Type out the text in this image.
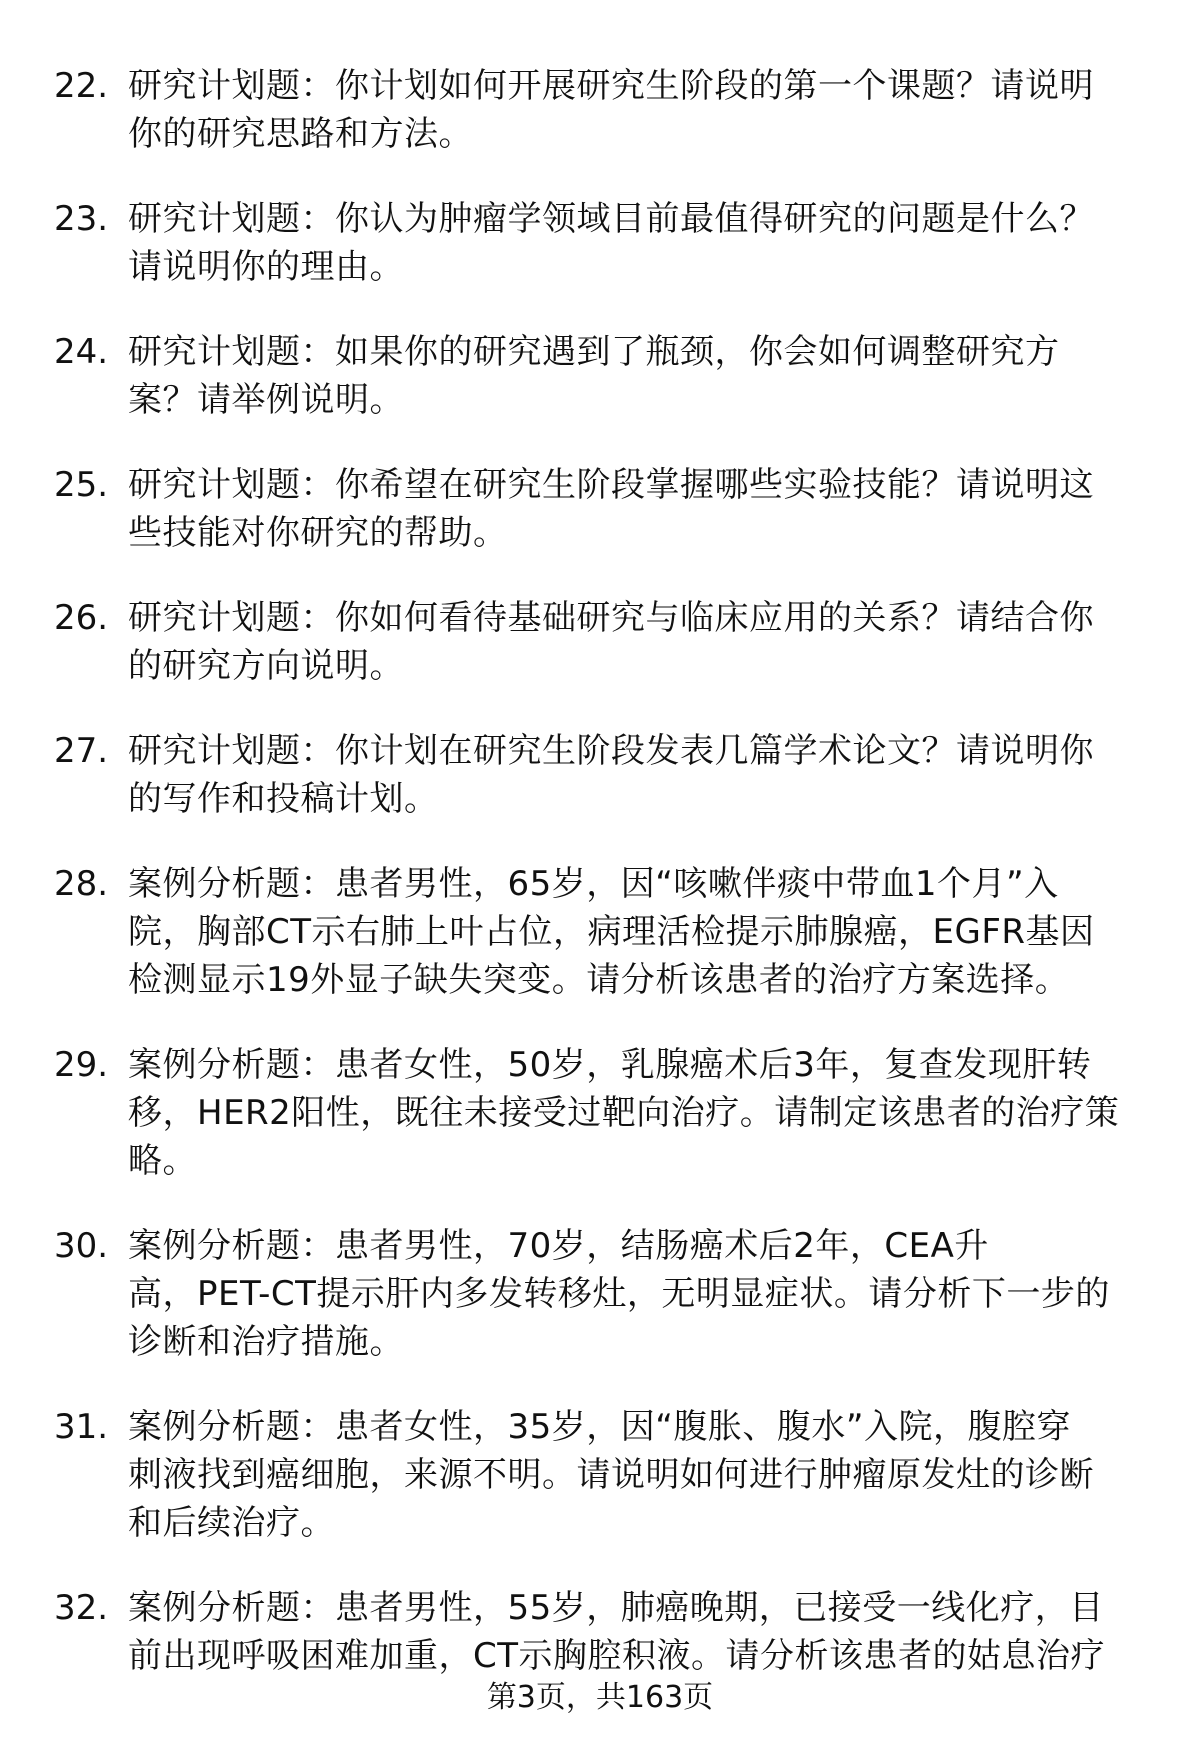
22. 研究计划题：你计划如何开展研究生阶段的第一个课题？请说明
你的研究思路和方法。
23. 研究计划题：你认为肿瘤学领域目前最值得研究的问题是什么？
请说明你的理由。
24. 研究计划题：如果你的研究遇到了瓶颈，你会如何调整研究方
案？请举例说明。
25. 研究计划题：你希望在研究生阶段掌握哪些实验技能？请说明这
些技能对你研究的帮助。
26. 研究计划题：你如何看待基础研究与临床应用的关系？请结合你
的研究方向说明。
27. 研究计划题：你计划在研究生阶段发表几篇学术论文？请说明你
的写作和投稿计划。
28. 案例分析题：患者男性，65岁，因“咳嗽伴痰中带血1个月”入
院，胸部CT示右肺上叶占位，病理活检提示肺腺癌，EGFR基因
检测显示19外显子缺失突变。请分析该患者的治疗方案选择。
29. 案例分析题：患者女性，50岁，乳腺癌术后3年，复查发现肝转
移，HER2阳性，既往未接受过靶向治疗。请制定该患者的治疗策
略。
30. 案例分析题：患者男性，70岁，结肠癌术后2年，CEA升
高，PET-CT提示肝内多发转移灶，无明显症状。请分析下一步的
诊断和治疗措施。
31. 案例分析题：患者女性，35岁，因“腹胀、腹水”入院，腹腔穿
刺液找到癌细胞，来源不明。请说明如何进行肿瘤原发灶的诊断
和后续治疗。
32. 案例分析题：患者男性，55岁，肺癌晚期，已接受一线化疗，目
前出现呼吸困难加重，CT示胸腔积液。请分析该患者的姑息治疗
第3页，共163页
